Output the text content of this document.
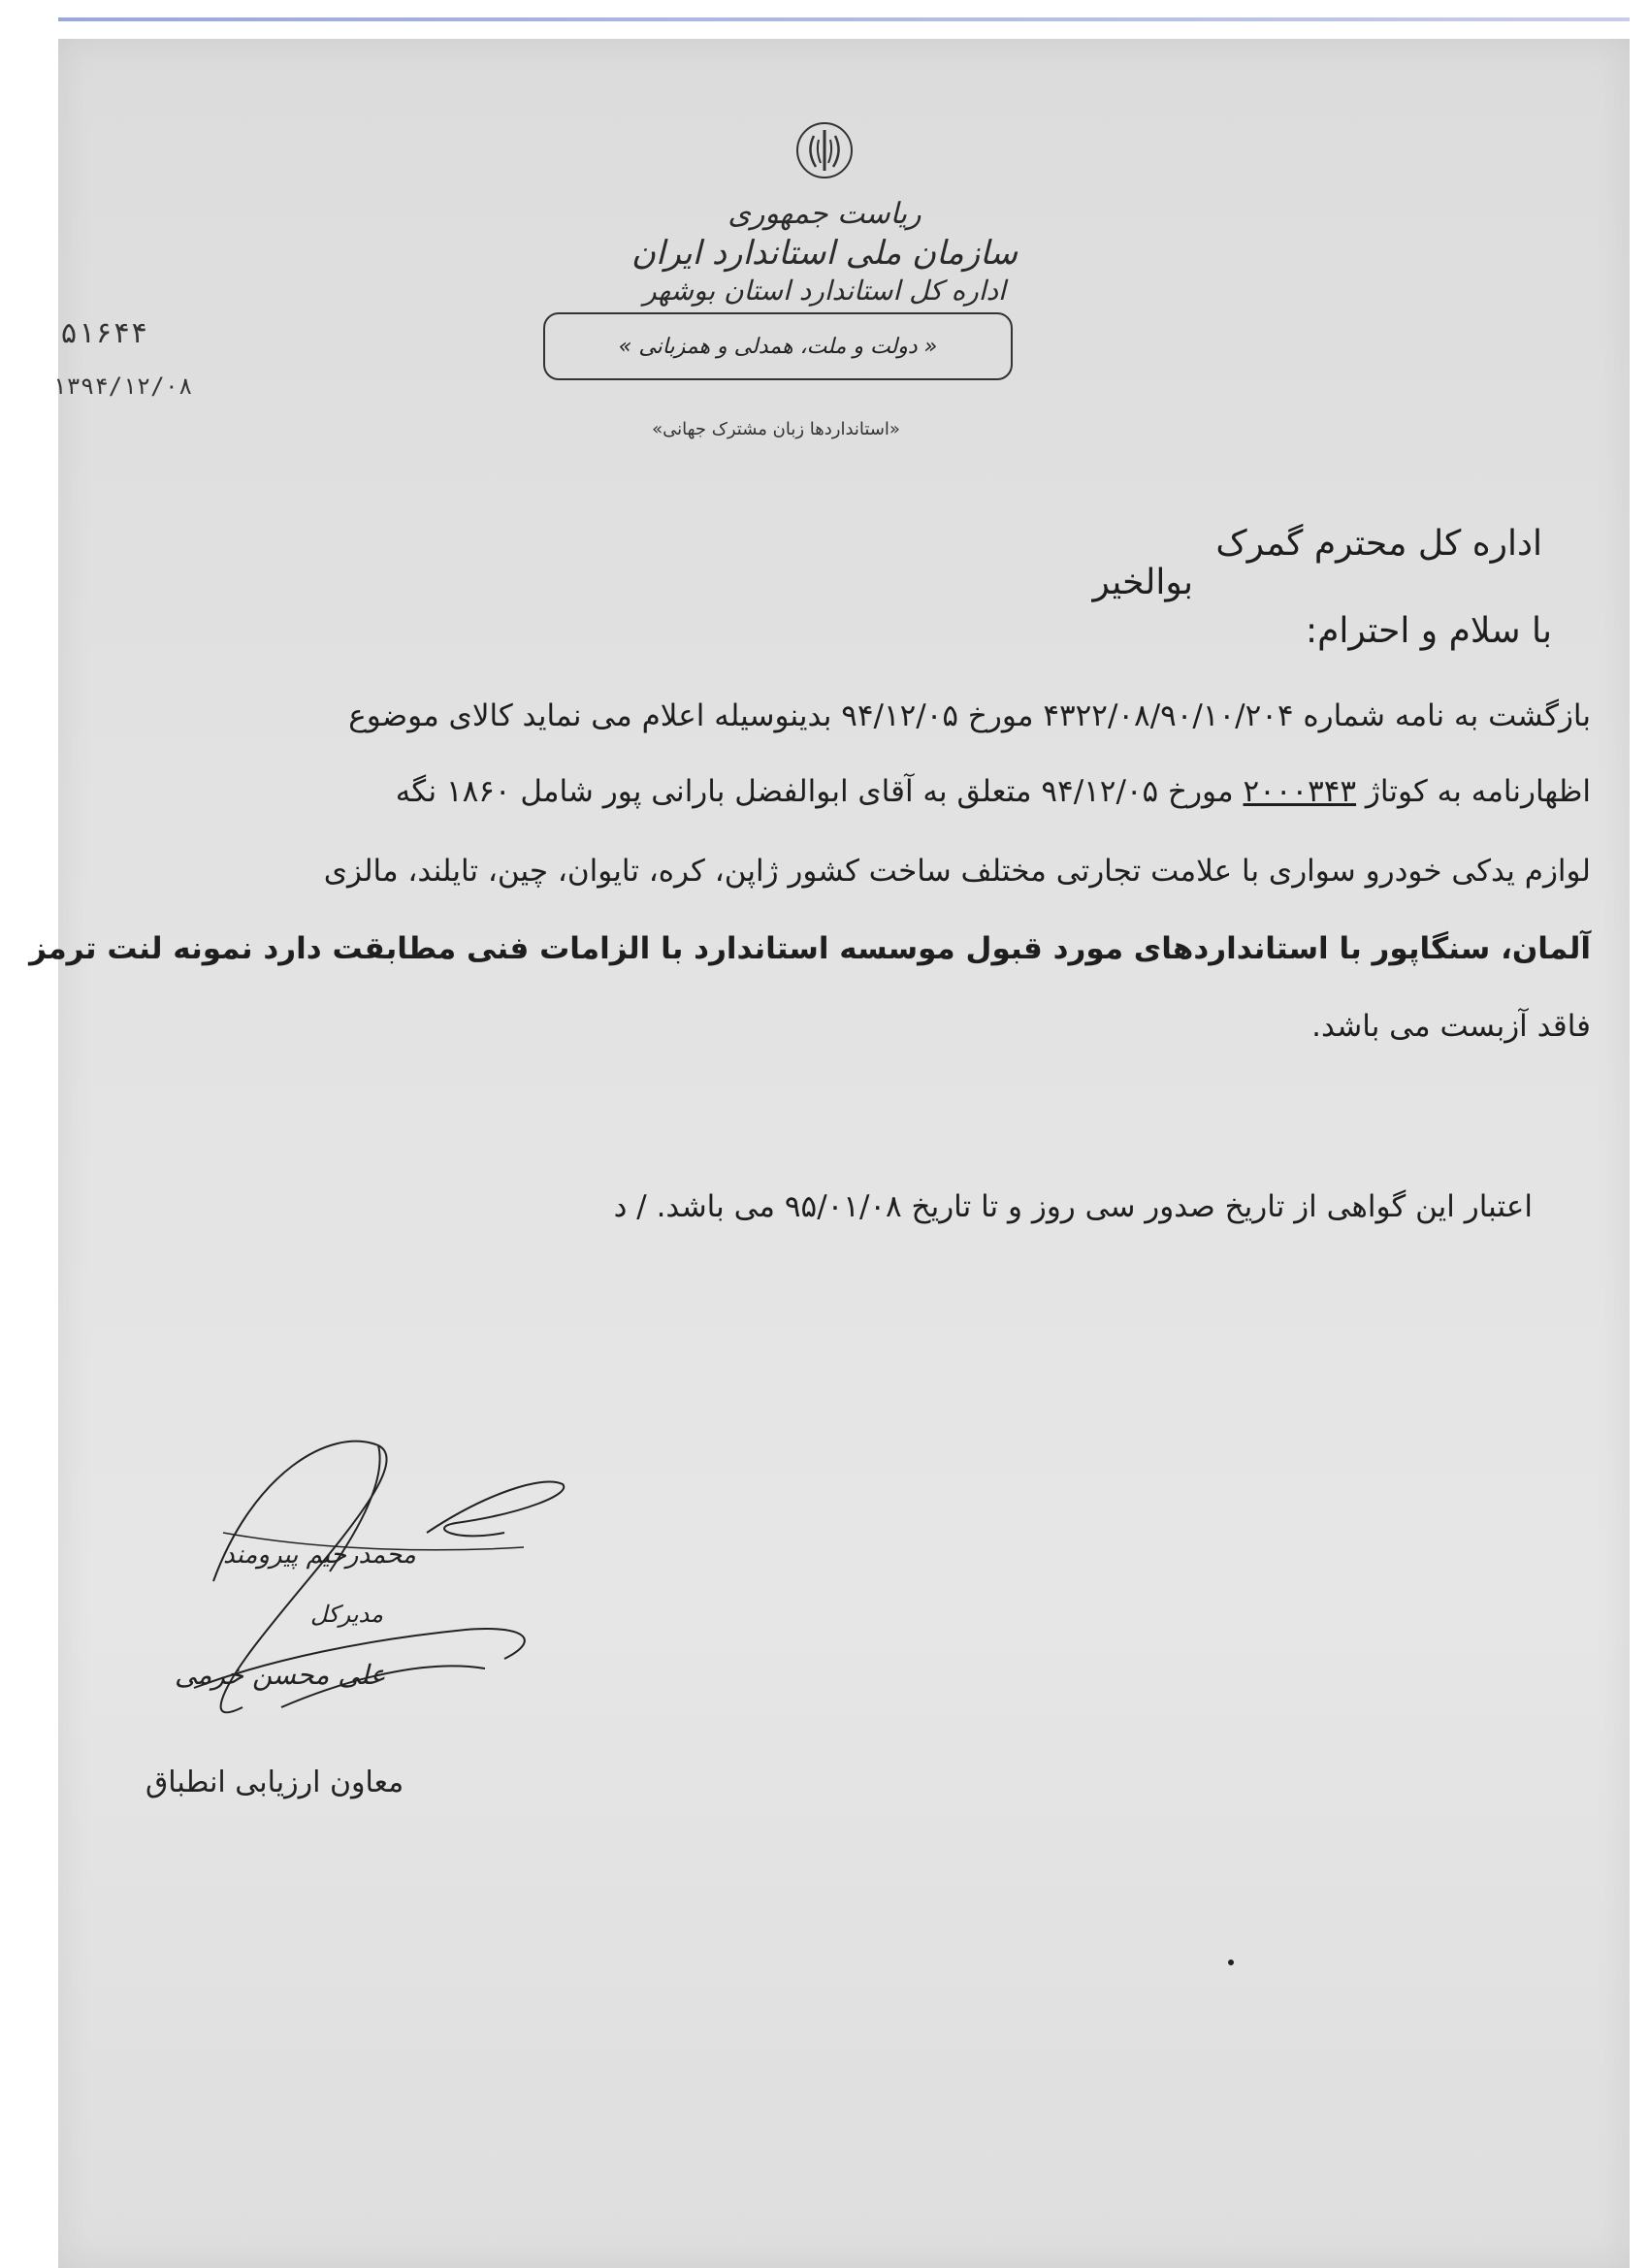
ریاست جمهوری
سازمان ملی استاندارد ایران
اداره کل استاندارد استان بوشهر
« دولت و ملت، همدلی و همزبانی »
«استانداردها زبان مشترک جهانی»
۵۱۶۴۴
۱۳۹۴/۱۲/۰۸
اداره کل محترم گمرک
بوالخیر
با سلام و احترام:
بازگشت به نامه شماره ۴۳۲۲/۰۸/۹۰/۱۰/۲۰۴ مورخ ۹۴/۱۲/۰۵ بدینوسیله اعلام می نماید کالای موضوع
اظهارنامه به کوتاژ ۲۰۰۰۳۴۳ مورخ ۹۴/۱۲/۰۵ متعلق به آقای ابوالفضل بارانی پور شامل ۱۸۶۰ نگه
لوازم یدکی خودرو سواری با علامت تجارتی مختلف ساخت کشور ژاپن، کره، تایوان، چین، تایلند، مالزی
آلمان، سنگاپور با استانداردهای مورد قبول موسسه استاندارد با الزامات فنی مطابقت دارد نمونه لنت ترمز
فاقد آزبست می باشد.
اعتبار این گواهی از تاریخ صدور سی روز و تا تاریخ ۹۵/۰۱/۰۸ می باشد. / د
محمدرحیم پیرومند
مدیرکل
علی محسن خرمی
معاون ارزیابی انطباق
